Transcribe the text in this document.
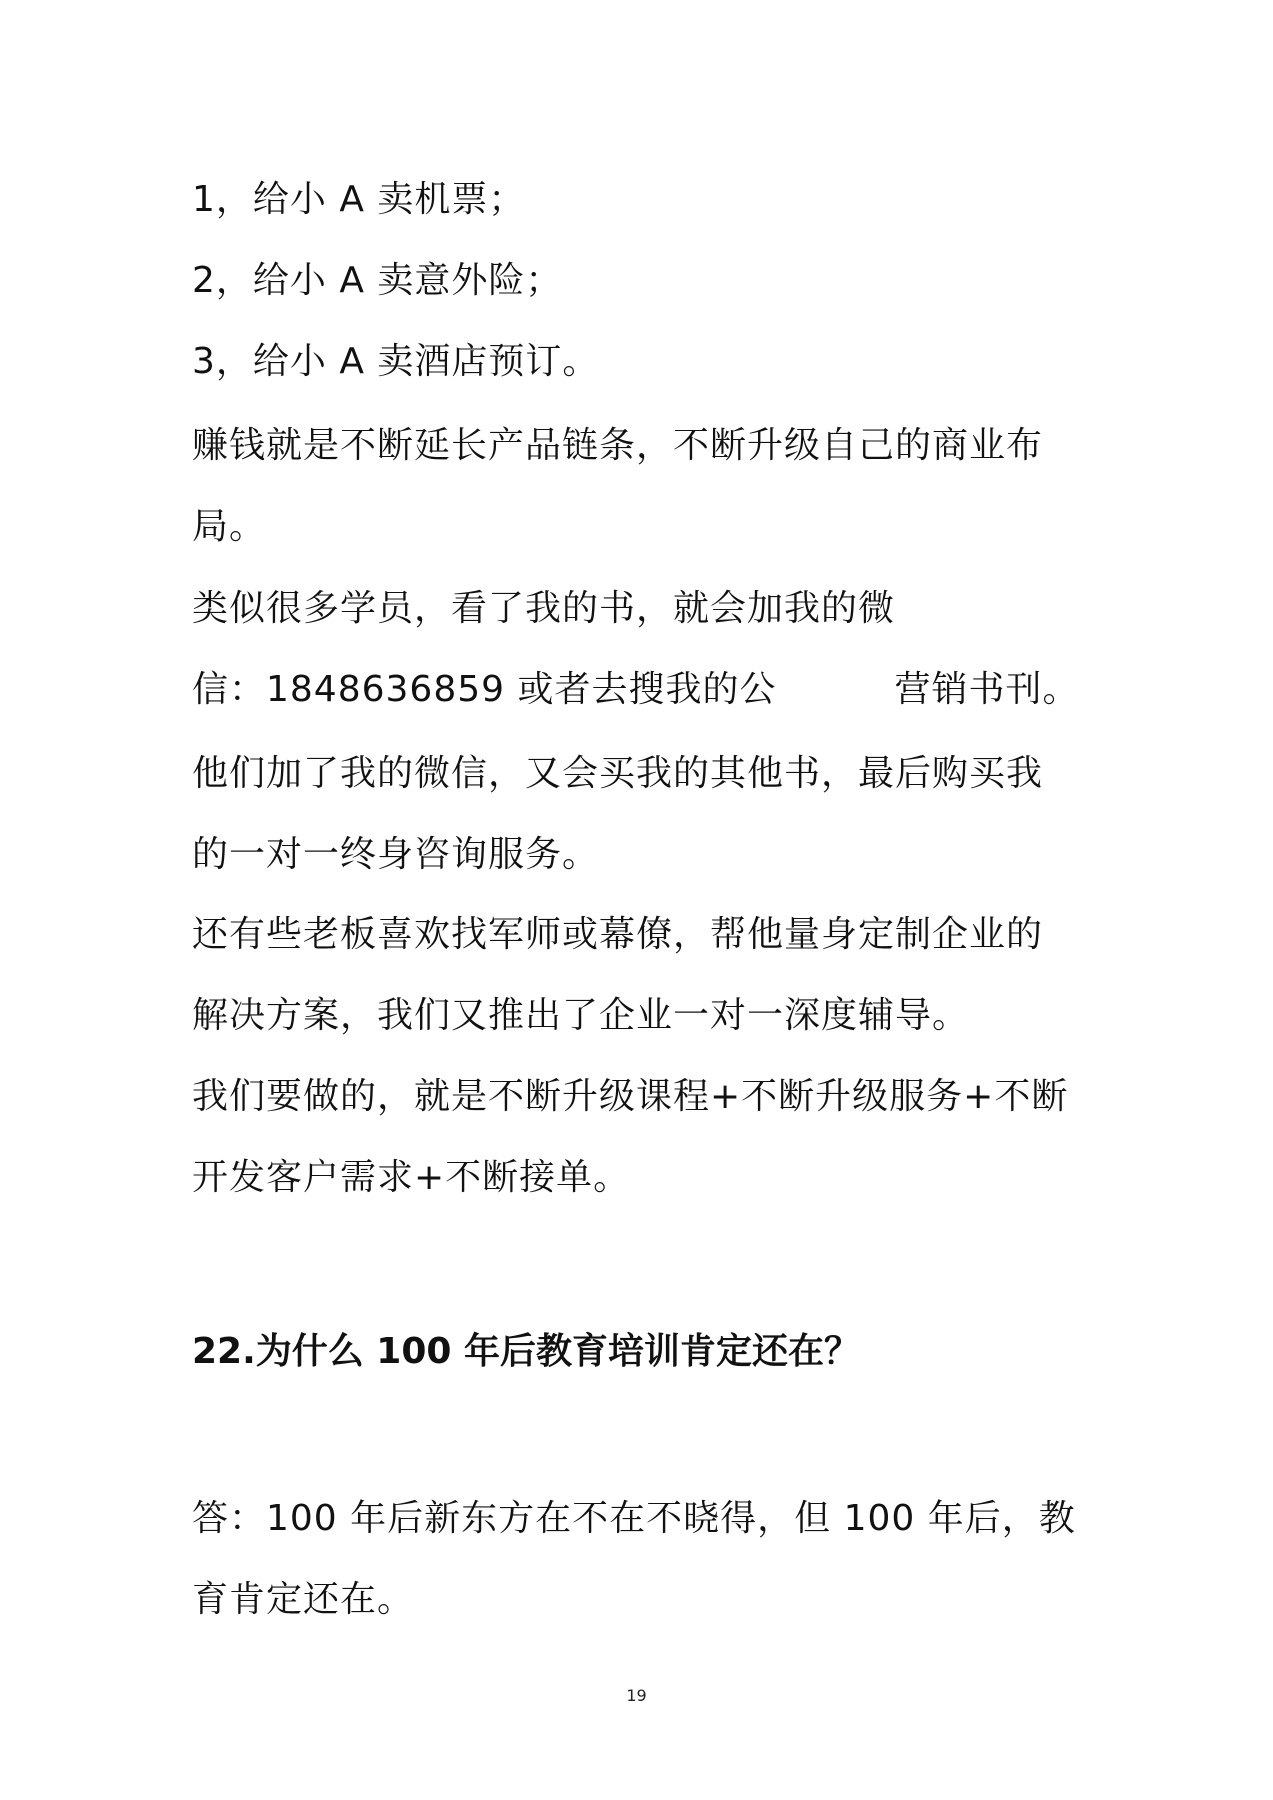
1，给小 A 卖机票；
2，给小 A 卖意外险；
3，给小 A 卖酒店预订。
赚钱就是不断延长产品链条，不断升级自己的商业布
局。
类似很多学员，看了我的书，就会加我的微
信：1848636859 或者去搜我的公	营销书刊。
他们加了我的微信，又会买我的其他书，最后购买我
的一对一终身咨询服务。
还有些老板喜欢找军师或幕僚，帮他量身定制企业的
解决方案，我们又推出了企业一对一深度辅导。
我们要做的，就是不断升级课程+不断升级服务+不断
开发客户需求+不断接单。
22.为什么 100 年后教育培训肯定还在？
答：100 年后新东方在不在不晓得，但 100 年后，教
育肯定还在。
19
